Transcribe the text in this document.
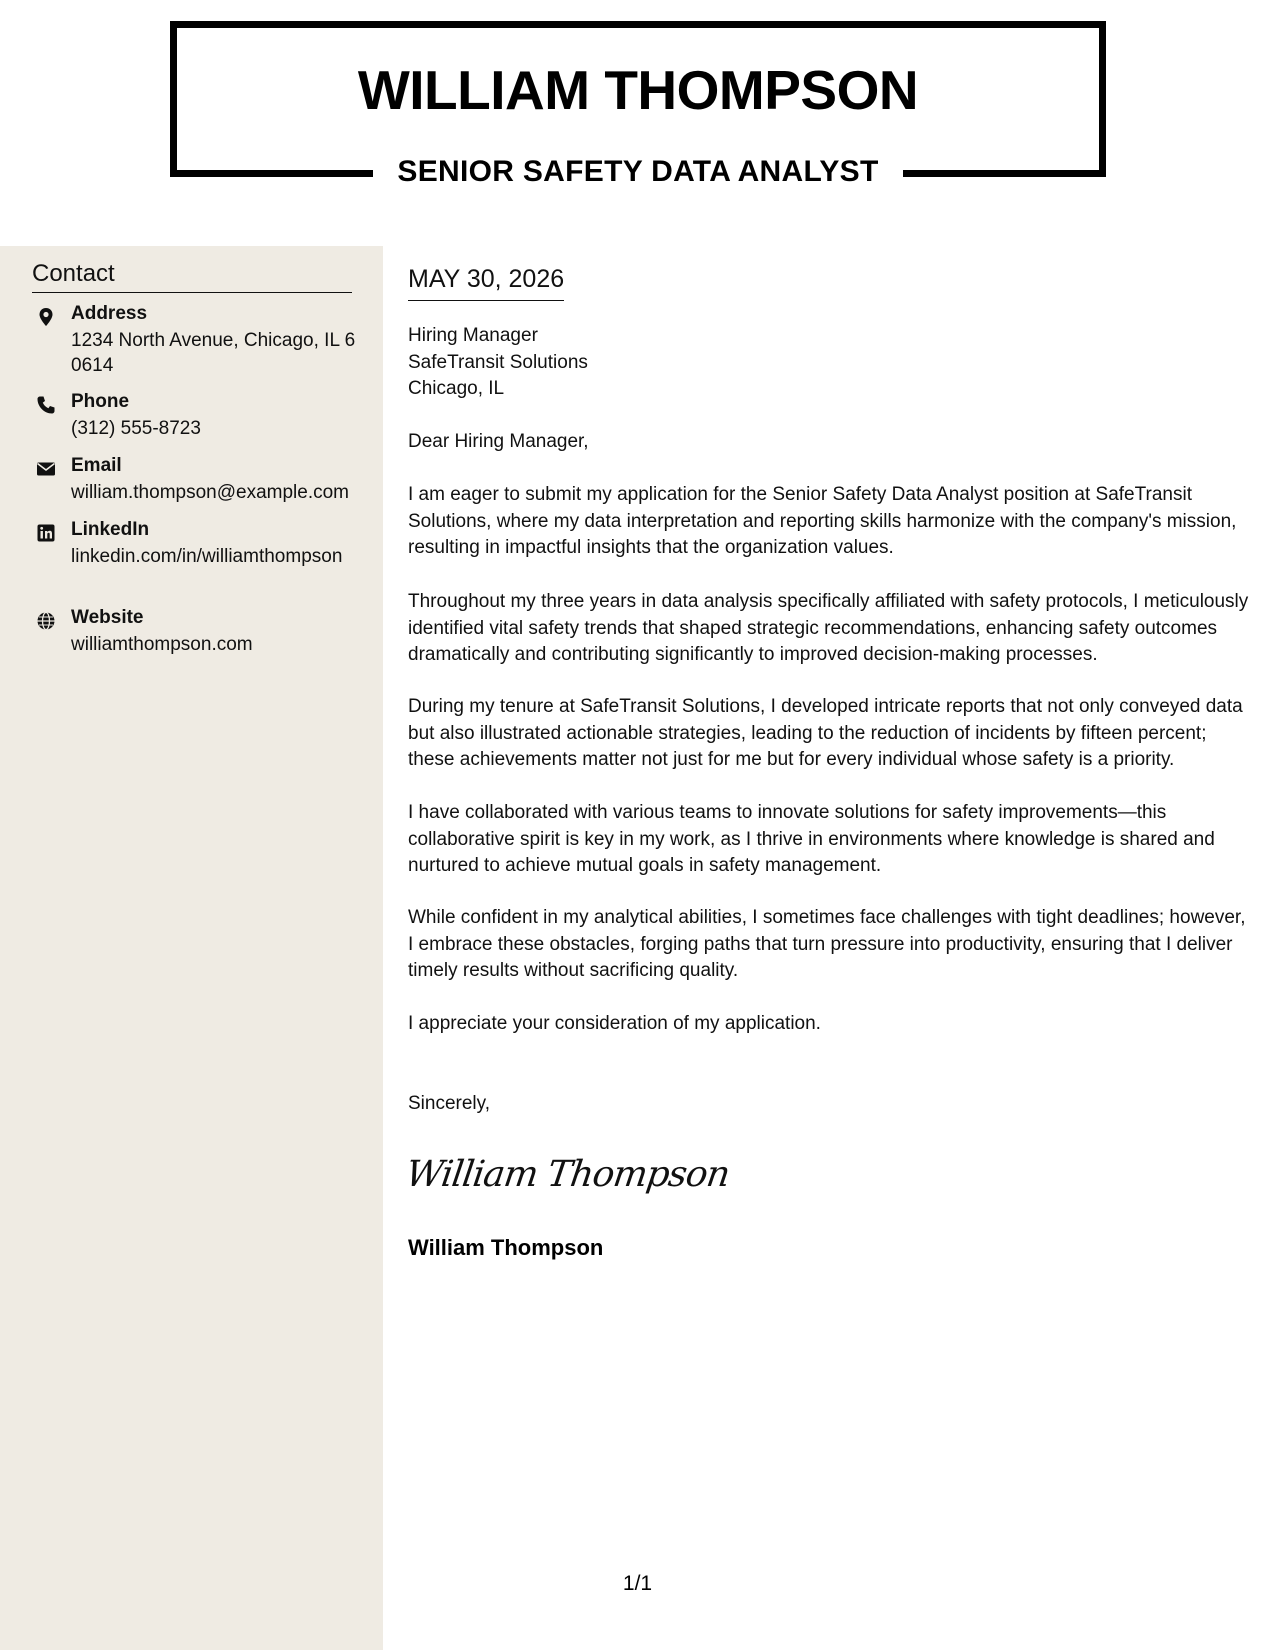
WILLIAM THOMPSON
SENIOR SAFETY DATA ANALYST
Contact
Address
1234 North Avenue, Chicago, IL 60614
Phone
(312) 555-8723
Email
william.thompson@example.com
LinkedIn
linkedin.com/in/williamthompson
Website
williamthompson.com
MAY 30, 2026

Hiring Manager

SafeTransit Solutions

Chicago, IL

Dear Hiring Manager,
I am eager to submit my application for the Senior Safety Data Analyst position at SafeTransit Solutions, where my data interpretation and reporting skills harmonize with the company's mission, resulting in impactful insights that the organization values.
Throughout my three years in data analysis specifically affiliated with safety protocols, I meticulously identified vital safety trends that shaped strategic recommendations, enhancing safety outcomes dramatically and contributing significantly to improved decision-making processes.
During my tenure at SafeTransit Solutions, I developed intricate reports that not only conveyed data but also illustrated actionable strategies, leading to the reduction of incidents by fifteen percent; these achievements matter not just for me but for every individual whose safety is a priority.
I have collaborated with various teams to innovate solutions for safety improvements—this collaborative spirit is key in my work, as I thrive in environments where knowledge is shared and nurtured to achieve mutual goals in safety management.
While confident in my analytical abilities, I sometimes face challenges with tight deadlines; however, I embrace these obstacles, forging paths that turn pressure into productivity, ensuring that I deliver timely results without sacrificing quality.
I appreciate your consideration of my application.
Sincerely,
William Thompson
William Thompson
1/1
